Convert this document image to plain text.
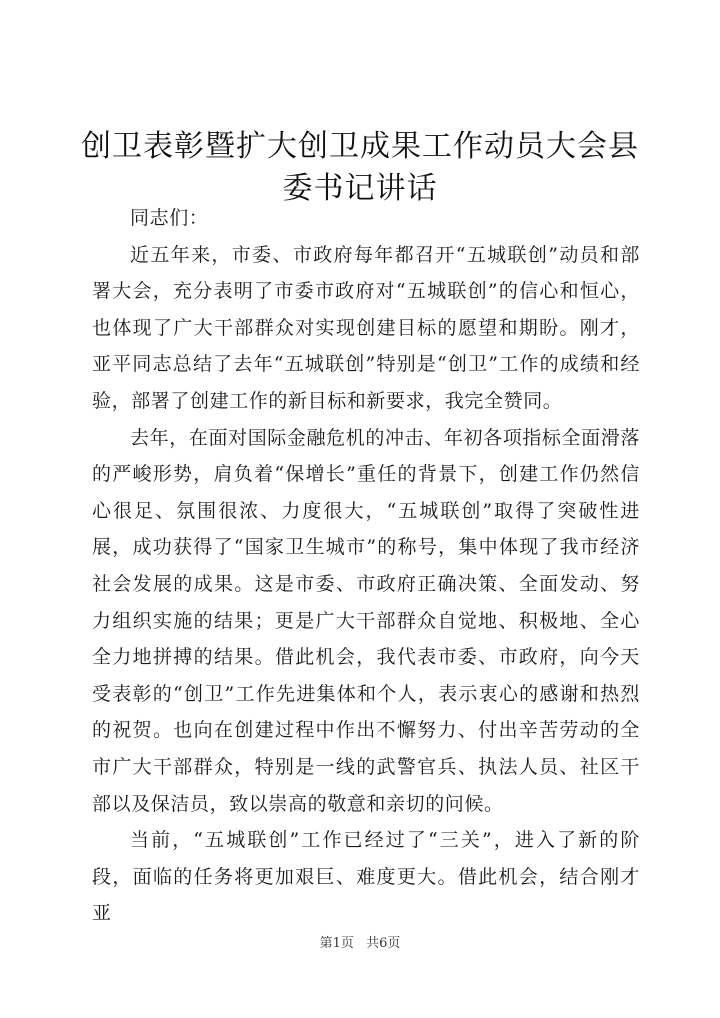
创卫表彰暨扩大创卫成果工作动员大会县委书记讲话

同志们：

近五年来，市委、市政府每年都召开“五城联创”动员和部署大会，充分表明了市委市政府对“五城联创”的信心和恒心，也体现了广大干部群众对实现创建目标的愿望和期盼。刚才，亚平同志总结了去年“五城联创”特别是“创卫”工作的成绩和经验，部署了创建工作的新目标和新要求，我完全赞同。

去年，在面对国际金融危机的冲击、年初各项指标全面滑落的严峻形势，肩负着“保增长”重任的背景下，创建工作仍然信心很足、氛围很浓、力度很大，“五城联创”取得了突破性进展，成功获得了“国家卫生城市”的称号，集中体现了我市经济社会发展的成果。这是市委、市政府正确决策、全面发动、努力组织实施的结果；更是广大干部群众自觉地、积极地、全心全力地拼搏的结果。借此机会，我代表市委、市政府，向今天受表彰的“创卫”工作先进集体和个人，表示衷心的感谢和热烈的祝贺。也向在创建过程中作出不懈努力、付出辛苦劳动的全市广大干部群众，特别是一线的武警官兵、执法人员、社区干部以及保洁员，致以崇高的敬意和亲切的问候。

当前，“五城联创”工作已经过了“三关”，进入了新的阶段，面临的任务将更加艰巨、难度更大。借此机会，结合刚才亚

第1页 共6页
